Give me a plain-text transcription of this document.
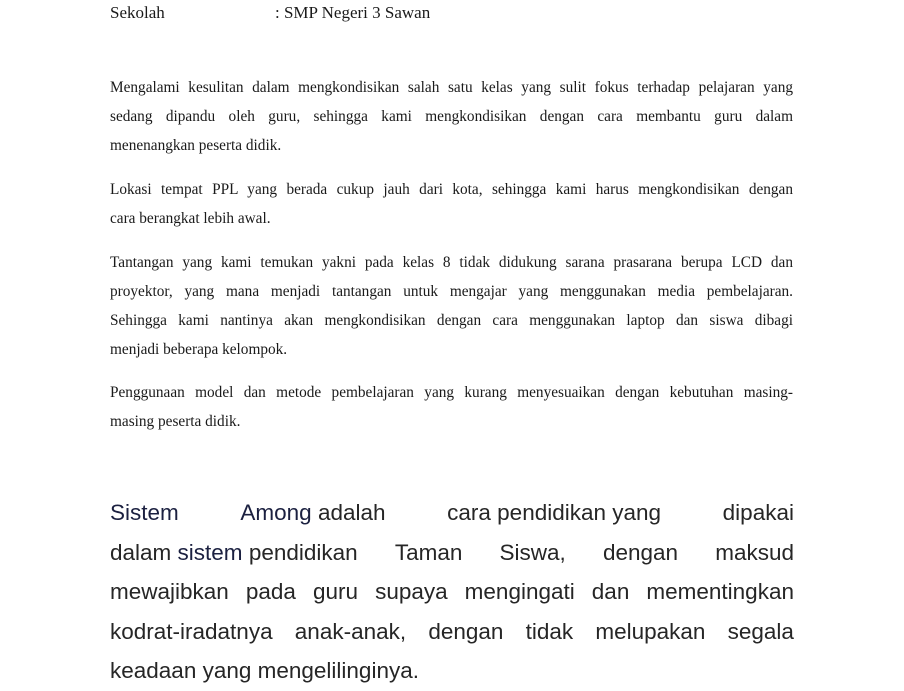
Sekolah	: SMP Negeri 3 Sawan
Mengalami kesulitan dalam mengkondisikan salah satu kelas yang sulit fokus terhadap pelajaran yang
sedang dipandu oleh guru, sehingga kami mengkondisikan dengan cara membantu guru dalam
menenangkan peserta didik.
Lokasi tempat PPL yang berada cukup jauh dari kota, sehingga kami harus mengkondisikan dengan
cara berangkat lebih awal.
Tantangan yang kami temukan yakni pada kelas 8 tidak didukung sarana prasarana berupa LCD dan
proyektor, yang mana menjadi tantangan untuk mengajar yang menggunakan media pembelajaran.
Sehingga kami nantinya akan mengkondisikan dengan cara menggunakan laptop dan siswa dibagi
menjadi beberapa kelompok.
Penggunaan model dan metode pembelajaran yang kurang menyesuaikan dengan kebutuhan masing-
masing peserta didik.
Sistem	Among adalah	cara pendidikan yang	dipakai
dalam sistem pendidikan Taman Siswa, dengan maksud
mewajibkan pada guru supaya mengingati dan mementingkan
kodrat-iradatnya anak-anak, dengan tidak melupakan segala
keadaan yang mengelilinginya.
